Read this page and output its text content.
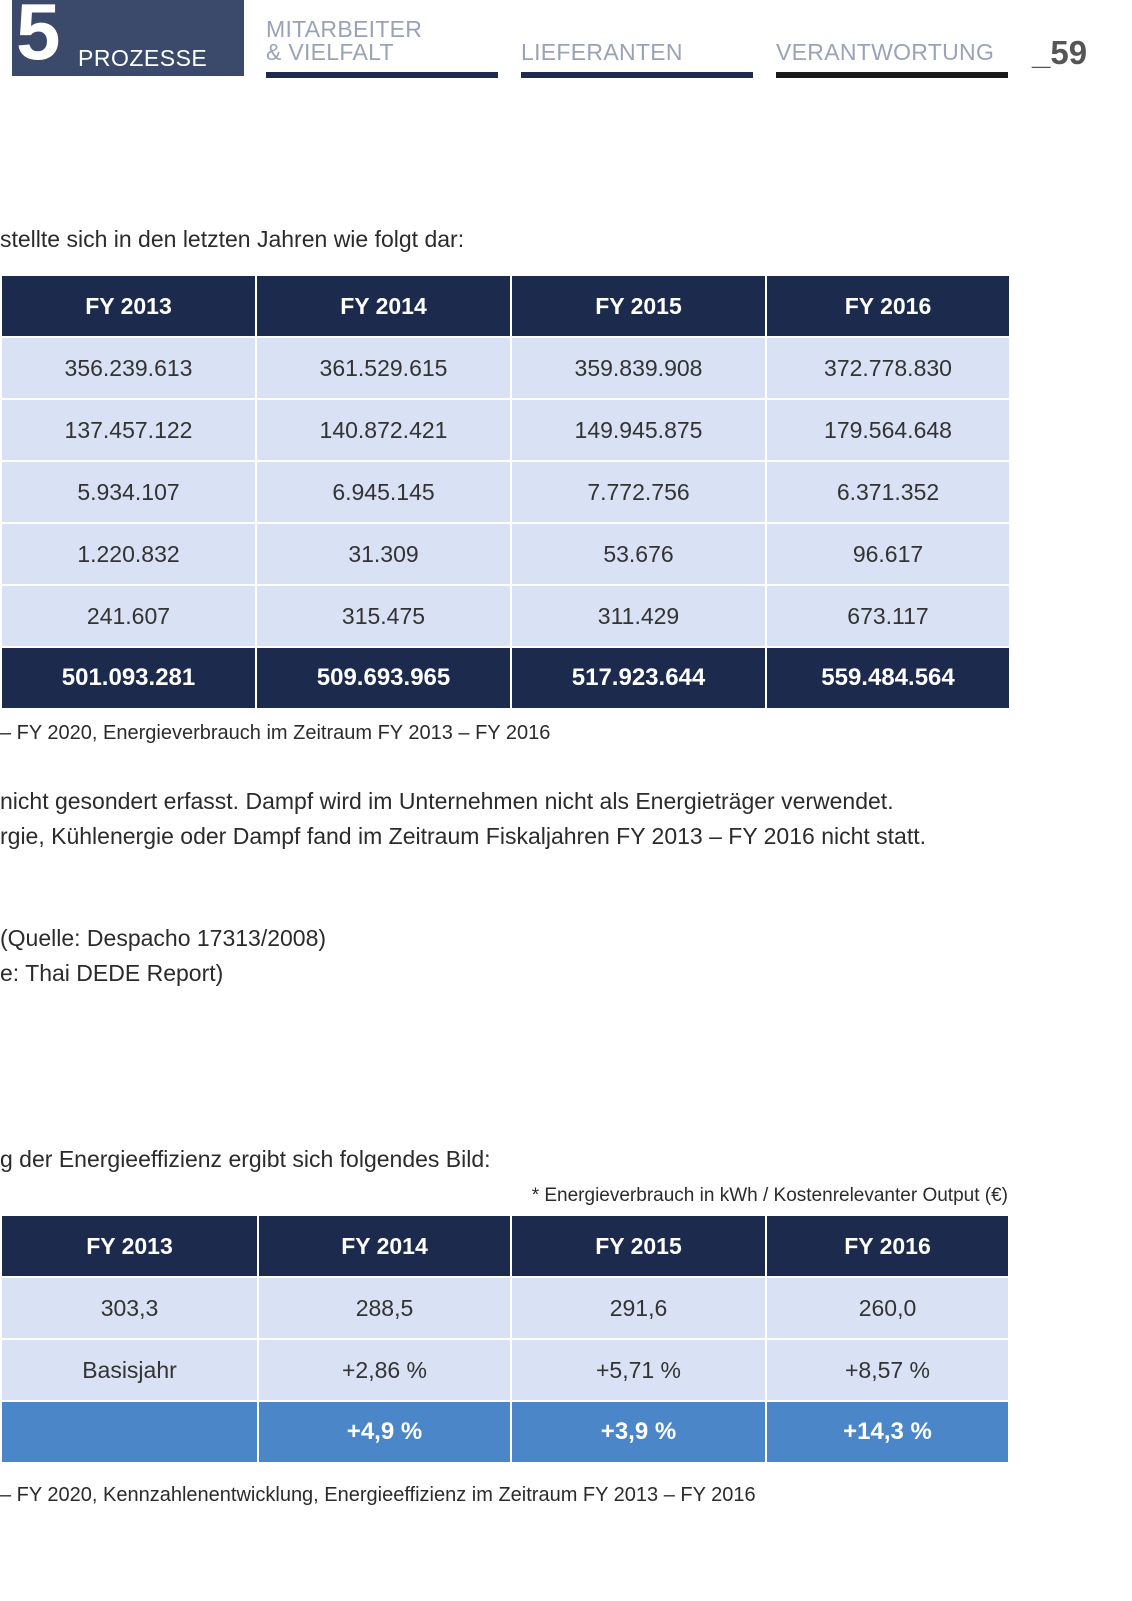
5 PROZESSE
MITARBEITER
& VIELFALT	LIEFERANTEN	VERANTWORTUNG _59
stellte sich in den letzten Jahren wie folgt dar:
FY 2013	FY 2014	FY 2015	FY 2016
356.239.613	361.529.615	359.839.908	372.778.830
137.457.122	140.872.421	149.945.875	179.564.648
5.934.107	6.945.145	7.772.756	6.371.352
1.220.832	31.309	53.676	96.617
241.607	315.475	311.429	673.117
501.093.281	509.693.965	517.923.644	559.484.564
– FY 2020, Energieverbrauch im Zeitraum FY 2013 – FY 2016
nicht gesondert erfasst. Dampf wird im Unternehmen nicht als Energieträger verwendet.
rgie, Kühlenergie oder Dampf fand im Zeitraum Fiskaljahren FY 2013 – FY 2016 nicht statt.
(Quelle: Despacho 17313/2008)
e: Thai DEDE Report)
g der Energieeffizienz ergibt sich folgendes Bild:
* Energieverbrauch in kWh / Kostenrelevanter Output (€)
FY 2013	FY 2014	FY 2015	FY 2016
303,3	288,5	291,6	260,0
Basisjahr	+2,86 %	+5,71 %	+8,57 %
	+4,9 %	+3,9 %	+14,3 %
– FY 2020, Kennzahlenentwicklung, Energieeffizienz im Zeitraum FY 2013 – FY 2016
